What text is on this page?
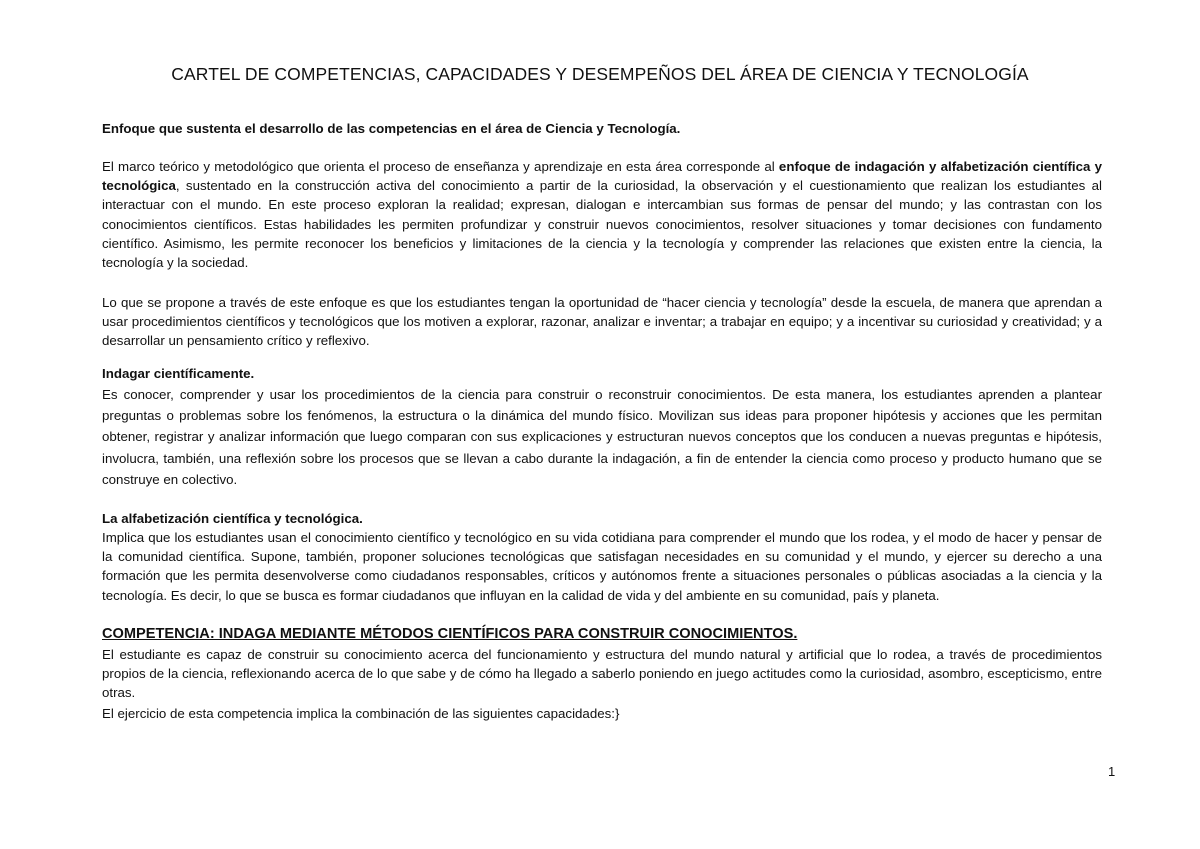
CARTEL DE COMPETENCIAS, CAPACIDADES Y DESEMPEÑOS DEL ÁREA DE CIENCIA Y TECNOLOGÍA
Enfoque que sustenta el desarrollo de las competencias en el área de Ciencia y Tecnología.
El marco teórico y metodológico que orienta el proceso de enseñanza y aprendizaje en esta área corresponde al enfoque de indagación y alfabetización científica y tecnológica, sustentado en la construcción activa del conocimiento a partir de la curiosidad, la observación y el cuestionamiento que realizan los estudiantes al interactuar con el mundo. En este proceso exploran la realidad; expresan, dialogan e intercambian sus formas de pensar del mundo; y las contrastan con los conocimientos científicos. Estas habilidades les permiten profundizar y construir nuevos conocimientos, resolver situaciones y tomar decisiones con fundamento científico. Asimismo, les permite reconocer los beneficios y limitaciones de la ciencia y la tecnología y comprender las relaciones que existen entre la ciencia, la tecnología y la sociedad.
Lo que se propone a través de este enfoque es que los estudiantes tengan la oportunidad de “hacer ciencia y tecnología” desde la escuela, de manera que aprendan a usar procedimientos científicos y tecnológicos que los motiven a explorar, razonar, analizar e inventar; a trabajar en equipo; y a incentivar su curiosidad y creatividad; y a desarrollar un pensamiento crítico y reflexivo.
Indagar científicamente.
Es conocer, comprender y usar los procedimientos de la ciencia para construir o reconstruir conocimientos. De esta manera, los estudiantes aprenden a plantear preguntas o problemas sobre los fenómenos, la estructura o la dinámica del mundo físico. Movilizan sus ideas para proponer hipótesis y acciones que les permitan obtener, registrar y analizar información que luego comparan con sus explicaciones y estructuran nuevos conceptos que los conducen a nuevas preguntas e hipótesis, involucra, también, una reflexión sobre los procesos que se llevan a cabo durante la indagación, a fin de entender la ciencia como proceso y producto humano que se construye en colectivo.
La alfabetización científica y tecnológica.
Implica que los estudiantes usan el conocimiento científico y tecnológico en su vida cotidiana para comprender el mundo que los rodea, y el modo de hacer y pensar de la comunidad científica. Supone, también, proponer soluciones tecnológicas que satisfagan necesidades en su comunidad y el mundo, y ejercer su derecho a una formación que les permita desenvolverse como ciudadanos responsables, críticos y autónomos frente a situaciones personales o públicas asociadas a la ciencia y la tecnología. Es decir, lo que se busca es formar ciudadanos que influyan en la calidad de vida y del ambiente en su comunidad, país y planeta.
COMPETENCIA: INDAGA MEDIANTE MÉTODOS CIENTÍFICOS PARA CONSTRUIR CONOCIMIENTOS.
El estudiante es capaz de construir su conocimiento acerca del funcionamiento y estructura del mundo natural y artificial que lo rodea, a través de procedimientos propios de la ciencia, reflexionando acerca de lo que sabe y de cómo ha llegado a saberlo poniendo en juego actitudes como la curiosidad, asombro, escepticismo, entre otras.
El ejercicio de esta competencia implica la combinación de las siguientes capacidades:}
1
